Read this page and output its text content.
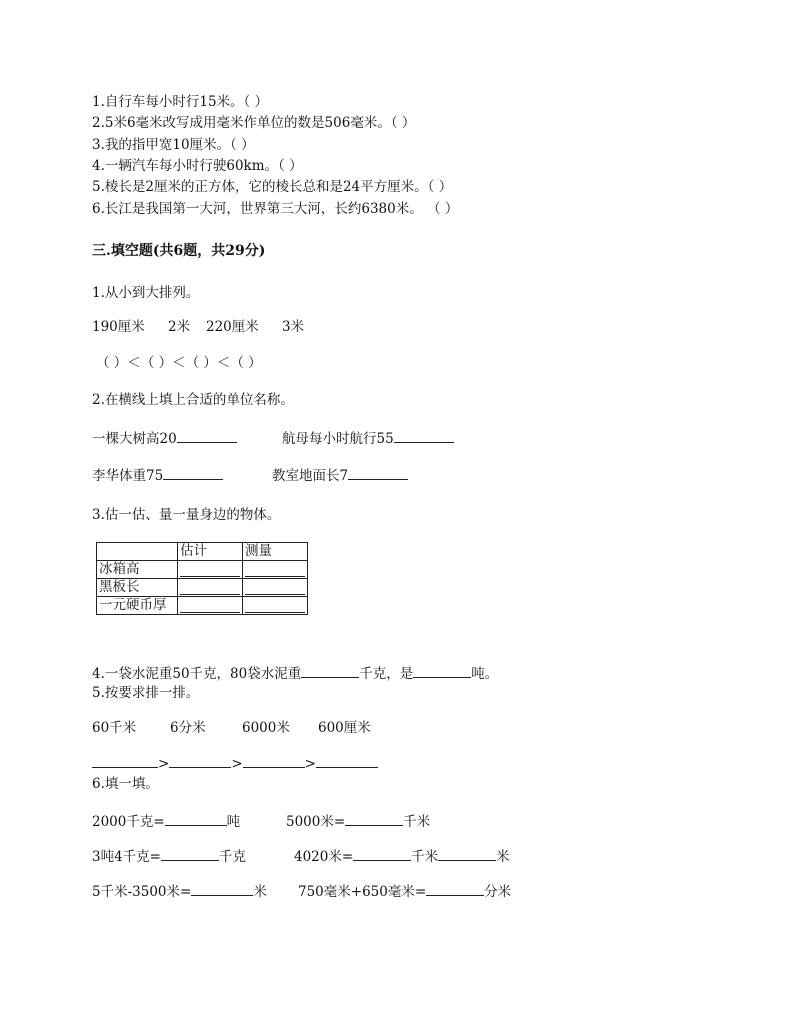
1.自行车每小时行15米。（ ）
2.5米6毫米改写成用毫米作单位的数是506毫米。（ ）
3.我的指甲宽10厘米。（ ）
4.一辆汽车每小时行驶60km。（ ）
5.棱长是2厘米的正方体，它的棱长总和是24平方厘米。（ ）
6.长江是我国第一大河，世界第三大河，长约6380米。 （ ）
三.填空题(共6题，共29分)
1.从小到大排列。
190厘米 2米 220厘米 3米
（ ）＜（ ）＜（ ）＜（ ）
2.在横线上填上合适的单位名称。
一棵大树高20	航母每小时航行55
李华体重75	教室地面长7
3.估一估、量一量身边的物体。
	估计	测量
冰箱高	

黑板长	

一元硬币厚	

4.一袋水泥重50千克，80袋水泥重	千克，是	吨。
5.按要求排一排。
60千米	6分米	6000米 600厘米
>	>	>
6.填一填。
2000千克=	吨	5000米=	千米
3吨4千克=	千克	4020米=	千米	米
5千米-3500米=	米 750毫米+650毫米=	分米
